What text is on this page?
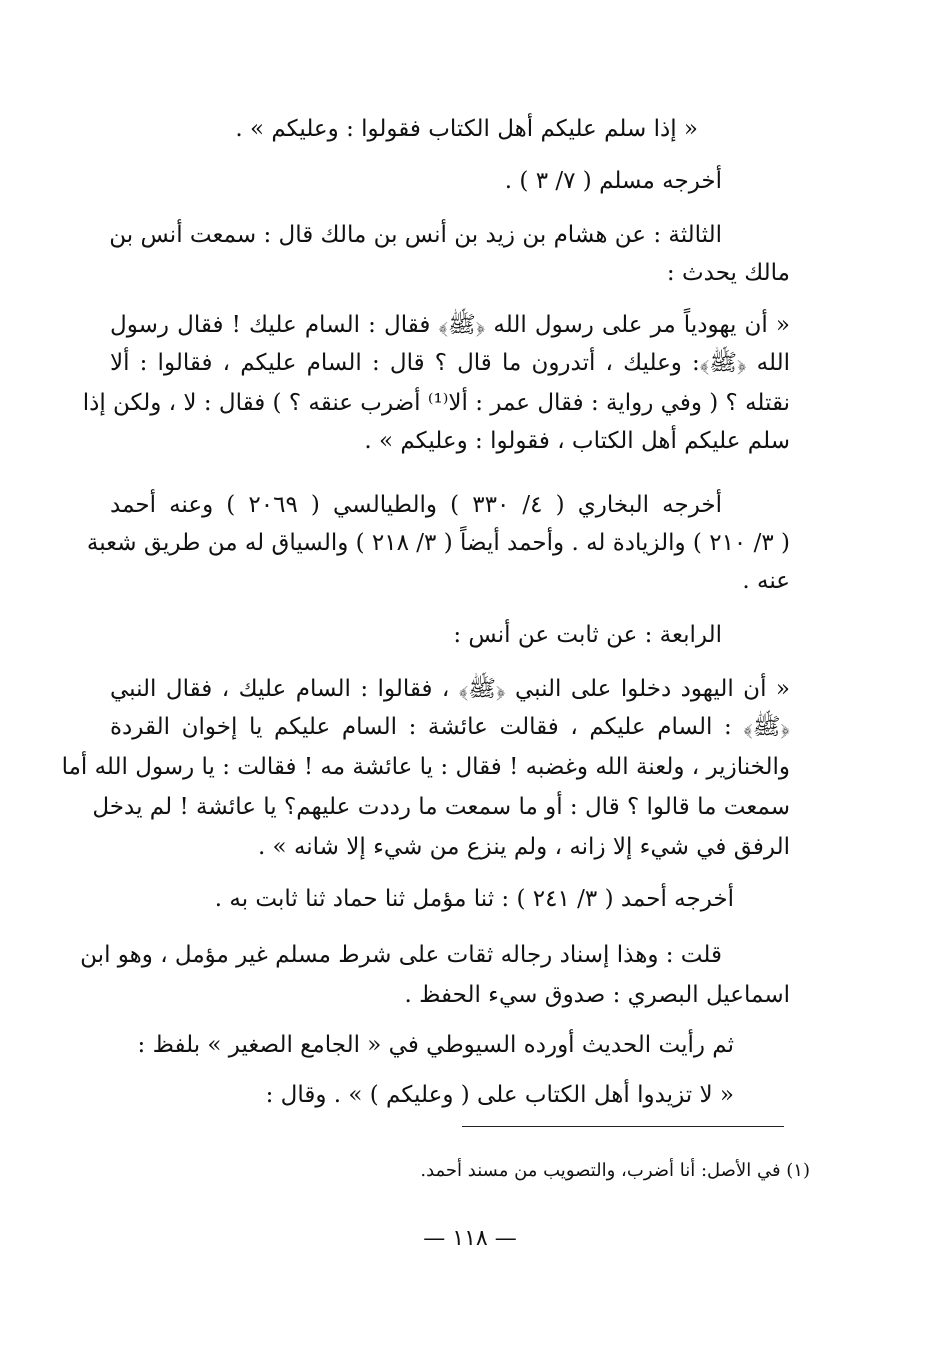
« إذا سلم عليكم أهل الكتاب فقولوا : وعليكم » .
أخرجه مسلم ( ٧/ ٣ ) .
الثالثة : عن هشام بن زيد بن أنس بن مالك قال : سمعت أنس بن
مالك يحدث :
« أن يهودياً مر على رسول الله ﴿ﷺ﴾ فقال : السام عليك ! فقال رسول
الله ﴿ﷺ﴾: وعليك ، أتدرون ما قال ؟ قال : السام عليكم ، فقالوا : ألا
نقتله ؟ ( وفي رواية : فقال عمر : ألا⁽¹⁾ أضرب عنقه ؟ ) فقال : لا ، ولكن إذا
سلم عليكم أهل الكتاب ، فقولوا : وعليكم » .
أخرجه البخاري ( ٤/ ٣٣٠ ) والطيالسي ( ٢٠٦٩ ) وعنه أحمد
( ٣/ ٢١٠ ) والزيادة له . وأحمد أيضاً ( ٣/ ٢١٨ ) والسياق له من طريق شعبة
عنه .
الرابعة : عن ثابت عن أنس :
« أن اليهود دخلوا على النبي ﴿ﷺ﴾ ، فقالوا : السام عليك ، فقال النبي
﴿ﷺ﴾ : السام عليكم ، فقالت عائشة : السام عليكم يا إخوان القردة
والخنازير ، ولعنة الله وغضبه ! فقال : يا عائشة مه ! فقالت : يا رسول الله أما
سمعت ما قالوا ؟ قال : أو ما سمعت ما رددت عليهم؟ يا عائشة ! لم يدخل
الرفق في شيء إلا زانه ، ولم ينزع من شيء إلا شانه » .
أخرجه أحمد ( ٣/ ٢٤١ ) : ثنا مؤمل ثنا حماد ثنا ثابت به .
قلت : وهذا إسناد رجاله ثقات على شرط مسلم غير مؤمل ، وهو ابن
اسماعيل البصري : صدوق سيء الحفظ .
ثم رأيت الحديث أورده السيوطي في « الجامع الصغير » بلفظ :
« لا تزيدوا أهل الكتاب على ( وعليكم ) » . وقال :
(١) في الأصل: أنا أضرب، والتصويب من مسند أحمد.
— ١١٨ —
